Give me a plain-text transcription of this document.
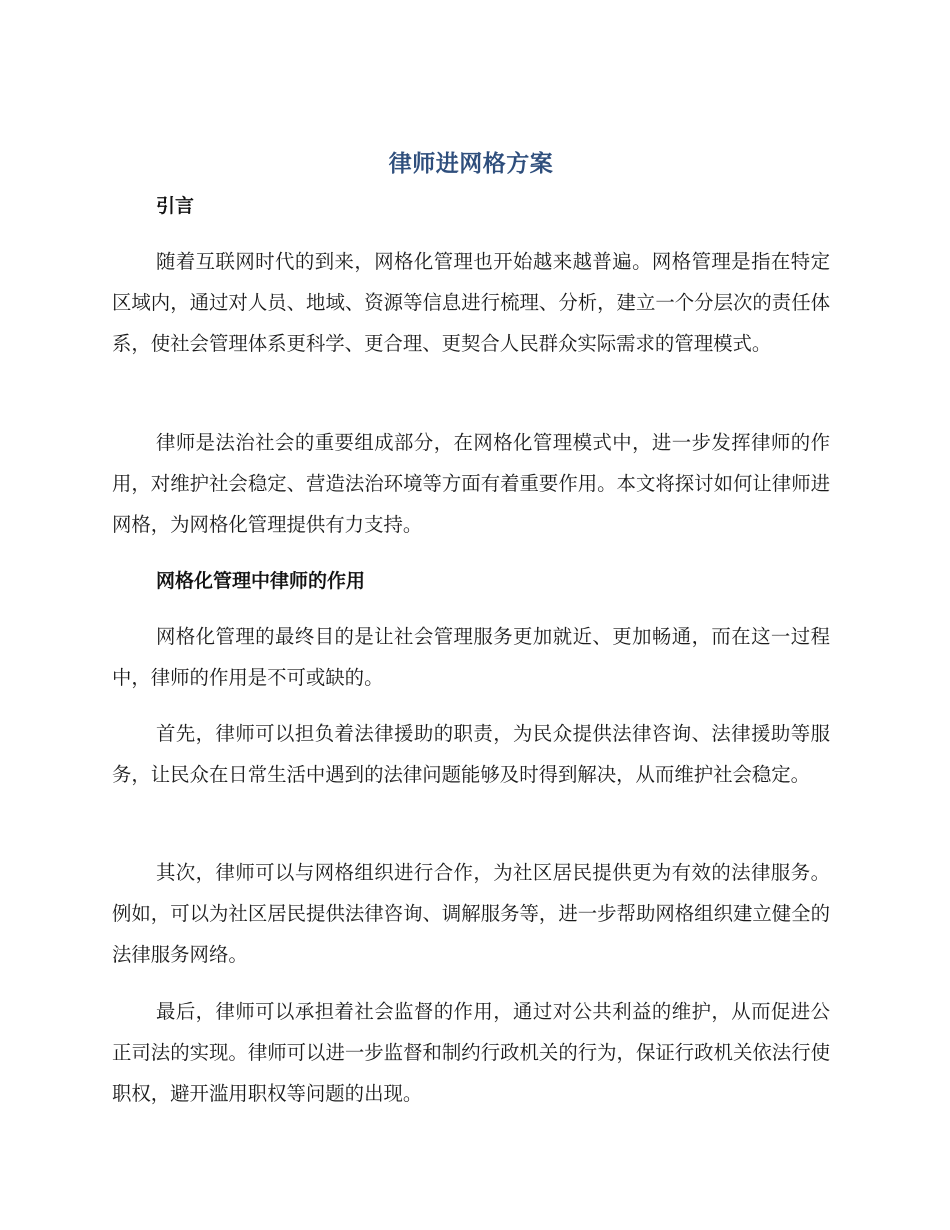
律师进网格方案
引言

随着互联网时代的到来，网格化管理也开始越来越普遍。网格管理是指在特定区域内，通过对人员、地域、资源等信息进行梳理、分析，建立一个分层次的责任体系，使社会管理体系更科学、更合理、更契合人民群众实际需求的管理模式。

律师是法治社会的重要组成部分，在网格化管理模式中，进一步发挥律师的作用，对维护社会稳定、营造法治环境等方面有着重要作用。本文将探讨如何让律师进网格，为网格化管理提供有力支持。

网格化管理中律师的作用

网格化管理的最终目的是让社会管理服务更加就近、更加畅通，而在这一过程中，律师的作用是不可或缺的。

首先，律师可以担负着法律援助的职责，为民众提供法律咨询、法律援助等服务，让民众在日常生活中遇到的法律问题能够及时得到解决，从而维护社会稳定。

其次，律师可以与网格组织进行合作，为社区居民提供更为有效的法律服务。例如，可以为社区居民提供法律咨询、调解服务等，进一步帮助网格组织建立健全的法律服务网络。

最后，律师可以承担着社会监督的作用，通过对公共利益的维护，从而促进公正司法的实现。律师可以进一步监督和制约行政机关的行为，保证行政机关依法行使职权，避开滥用职权等问题的出现。
